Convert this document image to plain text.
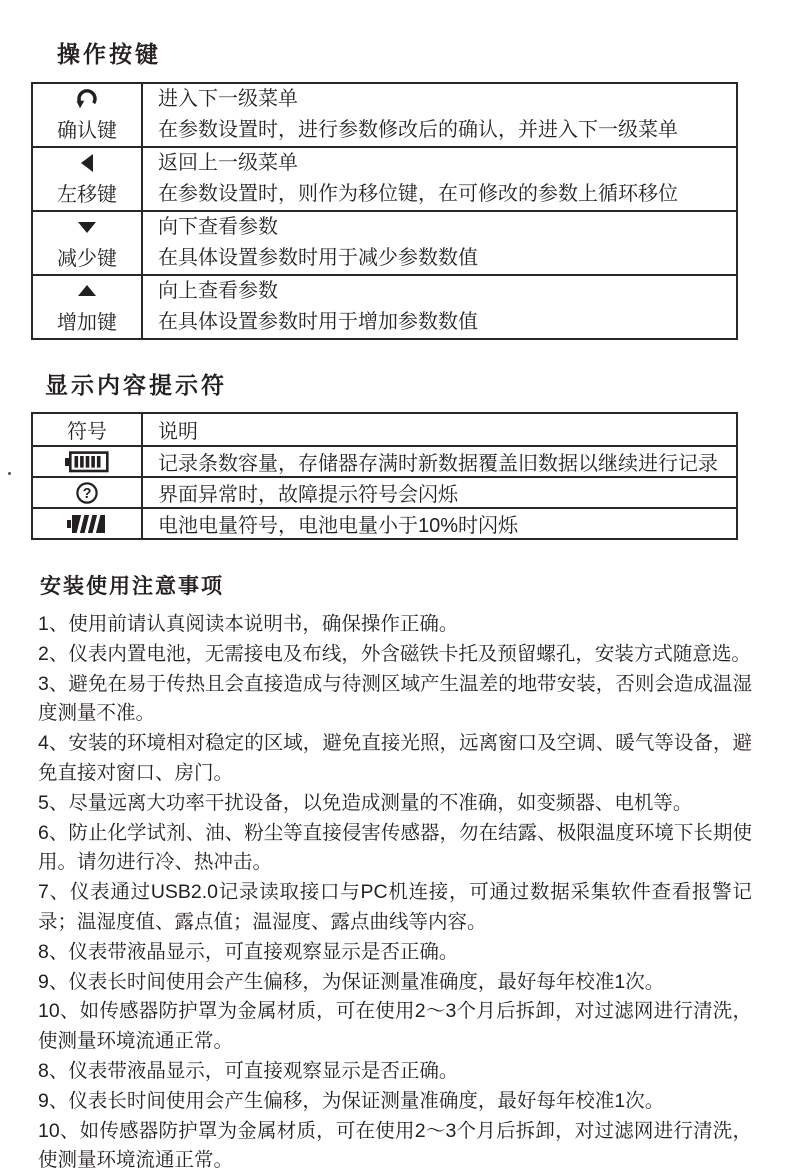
操作按键
确认键	进入下一级菜单
在参数设置时，进行参数修改后的确认，并进入下一级菜单

左移键	返回上一级菜单
在参数设置时，则作为移位键，在可修改的参数上循环移位

减少键	向下查看参数
在具体设置参数时用于减少参数数值

增加键	向上查看参数
在具体设置参数时用于增加参数数值
显示内容提示符
符号	说明

	记录条数容量，存储器存满时新数据覆盖旧数据以继续进行记录

?	界面异常时，故障提示符号会闪烁

	电池电量符号，电池电量小于10%时闪烁
安装使用注意事项

1、使用前请认真阅读本说明书，确保操作正确。

2、仪表内置电池，无需接电及布线，外含磁铁卡托及预留螺孔，安装方式随意选。

3、避免在易于传热且会直接造成与待测区域产生温差的地带安装，否则会造成温湿度测量不准。

4、安装的环境相对稳定的区域，避免直接光照，远离窗口及空调、暖气等设备，避免直接对窗口、房门。

5、尽量远离大功率干扰设备，以免造成测量的不准确，如变频器、电机等。

6、防止化学试剂、油、粉尘等直接侵害传感器，勿在结露、极限温度环境下长期使用。请勿进行冷、热冲击。

7、仪表通过USB2.0记录读取接口与PC机连接，可通过数据采集软件查看报警记录；温湿度值、露点值；温湿度、露点曲线等内容。

8、仪表带液晶显示，可直接观察显示是否正确。

9、仪表长时间使用会产生偏移，为保证测量准确度，最好每年校准1次。

10、如传感器防护罩为金属材质，可在使用2～3个月后拆卸，对过滤网进行清洗，使测量环境流通正常。

8、仪表带液晶显示，可直接观察显示是否正确。

9、仪表长时间使用会产生偏移，为保证测量准确度，最好每年校准1次。

10、如传感器防护罩为金属材质，可在使用2～3个月后拆卸，对过滤网进行清洗，使测量环境流通正常。
